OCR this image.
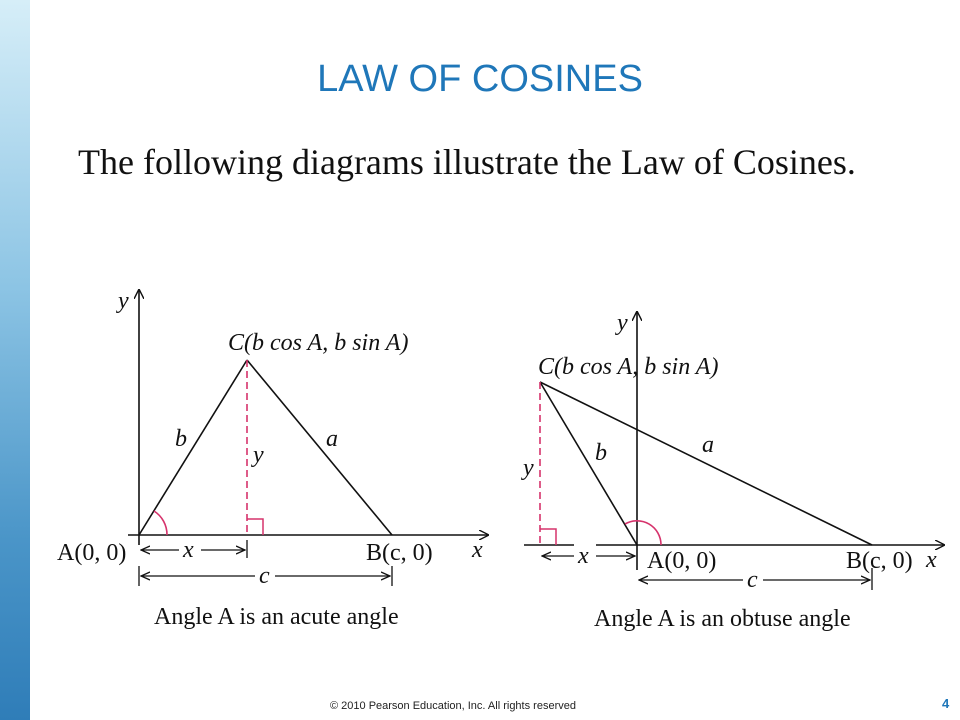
LAW OF COSINES

The following diagrams illustrate the Law of Cosines.

y
x
C(b cos A, b sin A)
b	a
y
A(0, 0)	B(c, 0)
x
c
Angle A is an acute angle
y
x
C(b cos A, b sin A)
b	a
y
A(0, 0)	B(c, 0)
x
c
Angle A is an obtuse angle
© 2010 Pearson Education, Inc. All rights reserved	4
